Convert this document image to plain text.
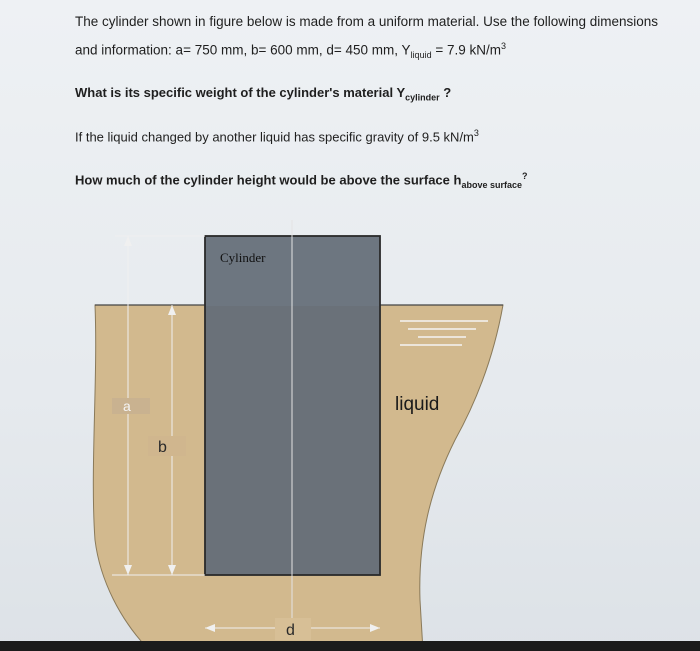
The cylinder shown in figure below is made from a uniform material. Use the following dimensions
and information: a= 750 mm, b= 600 mm, d= 450 mm, $Y_{liquid} = 7.9$ $kN/m^3$
What is its specific weight of the cylinder's material $Y_{cylinder}$ ?
If the liquid changed by another liquid has specific gravity of 9.5 $kN/m^3$
How much of the cylinder height would be above the surface $h_{above surface}^?$
a
b
d
Cylinder
liquid
